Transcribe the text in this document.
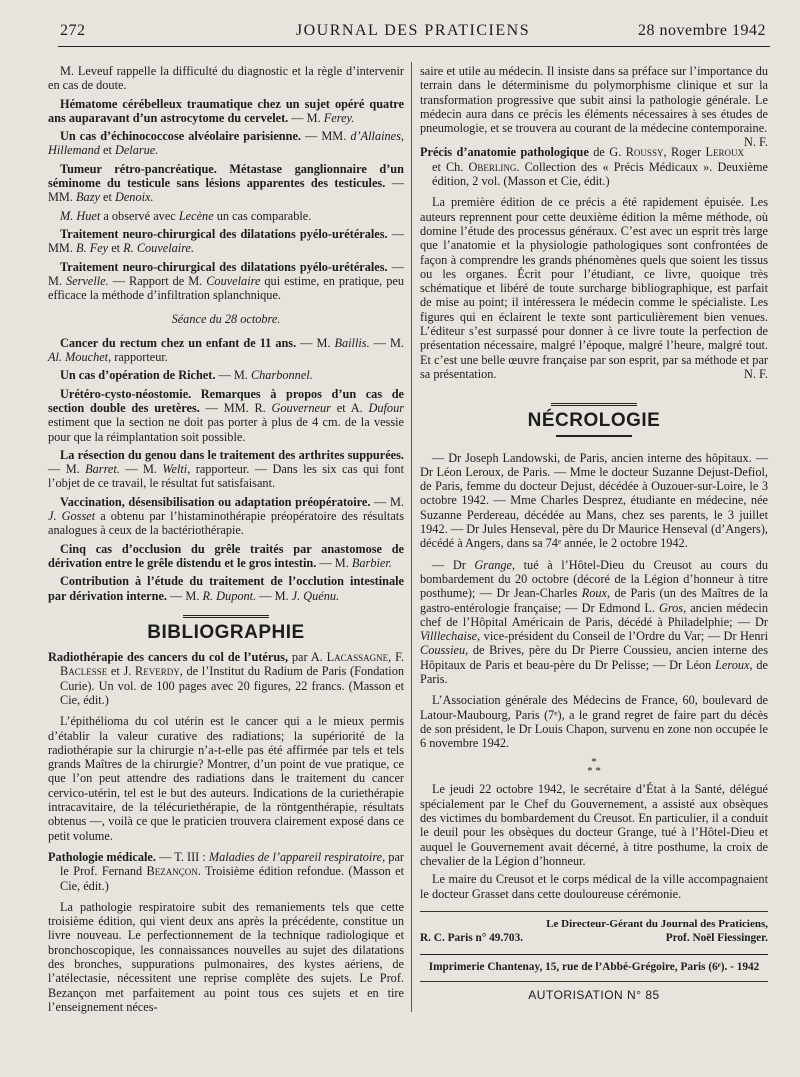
272	JOURNAL DES PRATICIENS	28 novembre 1942

M. Leveuf rappelle la difficulté du diagnostic et la règle d’intervenir en cas de doute.

Hématome cérébelleux traumatique chez un sujet opéré quatre ans auparavant d’un astrocytome du cervelet. — M. Ferey.

Un cas d’échinococcose alvéolaire parisienne. — MM. d’Allaines, Hillemand et Delarue.

Tumeur rétro-pancréatique. Métastase ganglionnaire d’un séminome du testicule sans lésions apparentes des testicules. — MM. Bazy et Denoix.

M. Huet a observé avec Lecène un cas comparable.

Traitement neuro-chirurgical des dilatations pyélo-urétérales. — MM. B. Fey et R. Couvelaire.

Traitement neuro-chirurgical des dilatations pyélo-urétérales. — M. Servelle. — Rapport de M. Couvelaire qui estime, en pratique, peu efficace la méthode d’infiltration splanchnique.

Séance du 28 octobre.

Cancer du rectum chez un enfant de 11 ans. — M. Baillis. — M. Al. Mouchet, rapporteur.

Un cas d’opération de Richet. — M. Charbonnel.

Urétéro-cysto-néostomie. Remarques à propos d’un cas de section double des uretères. — MM. R. Gouverneur et A. Dufour estiment que la section ne doit pas porter à plus de 4 cm. de la vessie pour que la réimplantation soit possible.

La résection du genou dans le traitement des arthrites suppurées. — M. Barret. — M. Welti, rapporteur. — Dans les six cas qui font l’objet de ce travail, le résultat fut satisfaisant.

Vaccination, désensibilisation ou adaptation préopératoire. — M. J. Gosset a obtenu par l’histaminothérapie préopératoire des résultats analogues à ceux de la bactériothérapie.

Cinq cas d’occlusion du grêle traités par anastomose de dérivation entre le grêle distendu et le gros intestin. — M. Barbier.

Contribution à l’étude du traitement de l’occlution intestinale par dérivation interne. — M. R. Dupont. — M. J. Quénu.

BIBLIOGRAPHIE

Radiothérapie des cancers du col de l’utérus, par A. Lacassagne, F. Baclesse et J. Reverdy, de l’Institut du Radium de Paris (Fondation Curie). Un vol. de 100 pages avec 20 figures, 22 francs. (Masson et Cie, édit.)

L’épithélioma du col utérin est le cancer qui a le mieux permis d’établir la valeur curative des radiations; la supériorité de la radiothérapie sur la chirurgie n’a-t-elle pas été affirmée par tels et tels grands Maîtres de la chirurgie? Montrer, d’un point de vue pratique, ce que l’on peut attendre des radiations dans le traitement du cancer cervico-utérin, tel est le but des auteurs. Indications de la curiethérapie intracavitaire, de la télécuriethérapie, de la röntgenthérapie, résultats obtenus —, voilà ce que le praticien trouvera clairement exposé dans ce petit volume.

Pathologie médicale. — T. III : Maladies de l’appareil respiratoire, par le Prof. Fernand Bezançon. Troisième édition refondue. (Masson et Cie, édit.)

La pathologie respiratoire subit des remaniements tels que cette troisième édition, qui vient deux ans après la précédente, constitue un livre nouveau. Le perfectionnement de la technique radiologique et bronchoscopique, les connaissances nouvelles au sujet des dilatations des bronches, suppurations pulmonaires, des kystes aériens, de l’atélectasie, nécessitent une reprise complète des sujets. Le Prof. Bezançon met parfaitement au point tous ces sujets et en tire l’enseignement néces-

saire et utile au médecin. Il insiste dans sa préface sur l’importance du terrain dans le déterminisme du polymorphisme clinique et sur la transformation progressive que subit ainsi la pathologie générale. Le médecin aura dans ce précis les éléments nécessaires à ses études de pneumologie, et se trouvera au courant de la médecine contemporaine.
N. F.

Précis d’anatomie pathologique de G. Roussy, Roger Leroux et Ch. Oberling. Collection des « Précis Médicaux ». Deuxième édition, 2 vol. (Masson et Cie, édit.)

La première édition de ce précis a été rapidement épuisée. Les auteurs reprennent pour cette deuxième édition la même méthode, où domine l’étude des processus généraux. C’est avec un esprit très large que l’anatomie et la physiologie pathologiques sont confrontées de façon à comprendre les grands phénomènes quels que soient les tissus ou les organes. Écrit pour l’étudiant, ce livre, quoique très schématique et libéré de toute surcharge bibliographique, est parfait de mise au point; il intéressera le médecin comme le spécialiste. Les figures qui en éclairent le texte sont particulièrement bien venues. L’éditeur s’est surpassé pour donner à ce livre toute la perfection de présentation nécessaire, malgré l’époque, malgré l’heure, malgré tout. Et c’est une belle œuvre française par son esprit, par sa méthode et par sa présentation.	N. F.

NÉCROLOGIE

— Dr Joseph Landowski, de Paris, ancien interne des hôpitaux. — Dr Léon Leroux, de Paris. — Mme le docteur Suzanne Dejust-Defiol, de Paris, femme du docteur Dejust, décédée à Ouzouer-sur-Loire, le 3 octobre 1942. — Mme Charles Desprez, étudiante en médecine, née Suzanne Perdereau, décédée au Mans, chez ses parents, le 3 juillet 1942. — Dr Jules Henseval, père du Dr Maurice Henseval (d’Angers), décédé à Angers, dans sa 74ᵉ année, le 2 octobre 1942.

— Dr Grange, tué à l’Hôtel-Dieu du Creusot au cours du bombardement du 20 octobre (décoré de la Légion d’honneur à titre posthume); — Dr Jean-Charles Roux, de Paris (un des Maîtres de la gastro-entérologie française; — Dr Edmond L. Gros, ancien médecin chef de l’Hôpital Américain de Paris, décédé à Philadelphie; — Dr Villlechaise, vice-président du Conseil de l’Ordre du Var; — Dr Henri Coussieu, de Brives, père du Dr Pierre Coussieu, ancien interne des Hôpitaux de Paris et beau-père du Dr Pelisse; — Dr Léon Leroux, de Paris.

L’Association générale des Médecins de France, 60, boulevard de Latour-Maubourg, Paris (7ᵉ), a le grand regret de faire part du décès de son président, le Dr Louis Chapon, survenu en zone non occupée le 6 novembre 1942.

*
* *

Le jeudi 22 octobre 1942, le secrétaire d’État à la Santé, délégué spécialement par le Chef du Gouvernement, a assisté aux obsèques des victimes du bombardement du Creusot. En particulier, il a conduit le deuil pour les obsèques du docteur Grange, tué à l’Hôtel-Dieu et auquel le Gouvernement avait décerné, à titre posthume, la croix de chevalier de la Légion d’honneur.

Le maire du Creusot et le corps médical de la ville accompagnaient le docteur Grasset dans cette douloureuse cérémonie.

Le Directeur-Gérant du Journal des Praticiens,
R. C. Paris n° 49.703.	Prof. Noël Fiessinger.
Imprimerie Chantenay, 15, rue de l’Abbé-Grégoire, Paris (6ᵉ). - 1942
AUTORISATION N° 85
